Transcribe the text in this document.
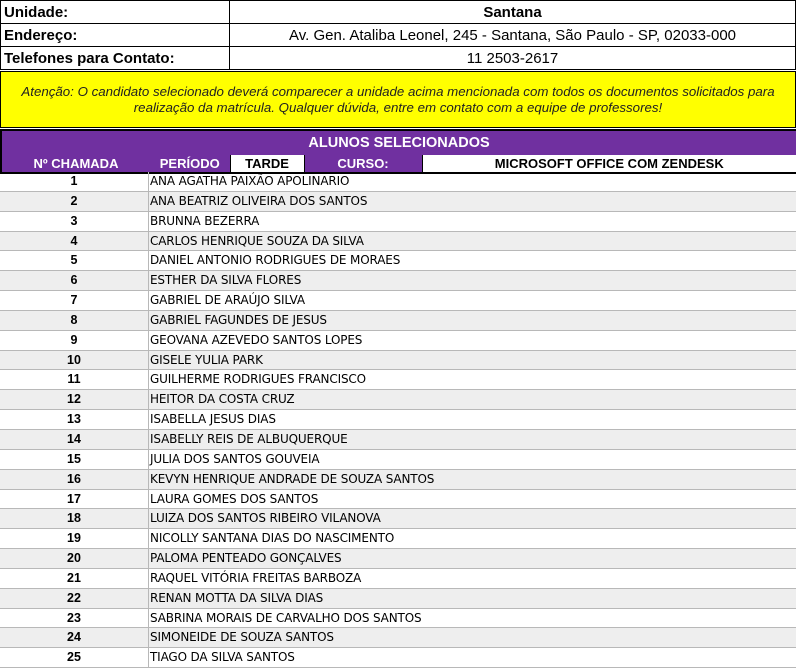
Unidade:	Santana
Endereço:	Av. Gen. Ataliba Leonel, 245 - Santana, São Paulo - SP, 02033-000
Telefones para Contato:	11 2503-2617

Atenção: O candidato selecionado deverá comparecer a unidade acima mencionada com todos os documentos solicitados para realização da matrícula. Qualquer dúvida, entre em contato com a equipe de professores!

ALUNOS SELECIONADOS
Nº CHAMADA	PERÍODO	TARDE	CURSO:	MICROSOFT OFFICE COM ZENDESK
1	ANA AGATHA PAIXÃO APOLINARIO
2	ANA BEATRIZ OLIVEIRA DOS SANTOS
3	BRUNNA BEZERRA
4	CARLOS HENRIQUE SOUZA DA SILVA
5	DANIEL ANTONIO RODRIGUES DE MORAES
6	ESTHER DA SILVA FLORES
7	GABRIEL DE ARAÚJO SILVA
8	GABRIEL FAGUNDES DE JESUS
9	GEOVANA AZEVEDO SANTOS LOPES
10	GISELE YULIA PARK
11	GUILHERME RODRIGUES FRANCISCO
12	HEITOR DA COSTA CRUZ
13	ISABELLA JESUS DIAS
14	ISABELLY REIS DE ALBUQUERQUE
15	JULIA DOS SANTOS GOUVEIA
16	KEVYN HENRIQUE ANDRADE DE SOUZA SANTOS
17	LAURA GOMES DOS SANTOS
18	LUIZA DOS SANTOS RIBEIRO VILANOVA
19	NICOLLY SANTANA DIAS DO NASCIMENTO
20	PALOMA PENTEADO GONÇALVES
21	RAQUEL VITÓRIA FREITAS BARBOZA
22	RENAN MOTTA DA SILVA DIAS
23	SABRINA MORAIS DE CARVALHO DOS SANTOS
24	SIMONEIDE DE SOUZA SANTOS
25	TIAGO DA SILVA SANTOS
